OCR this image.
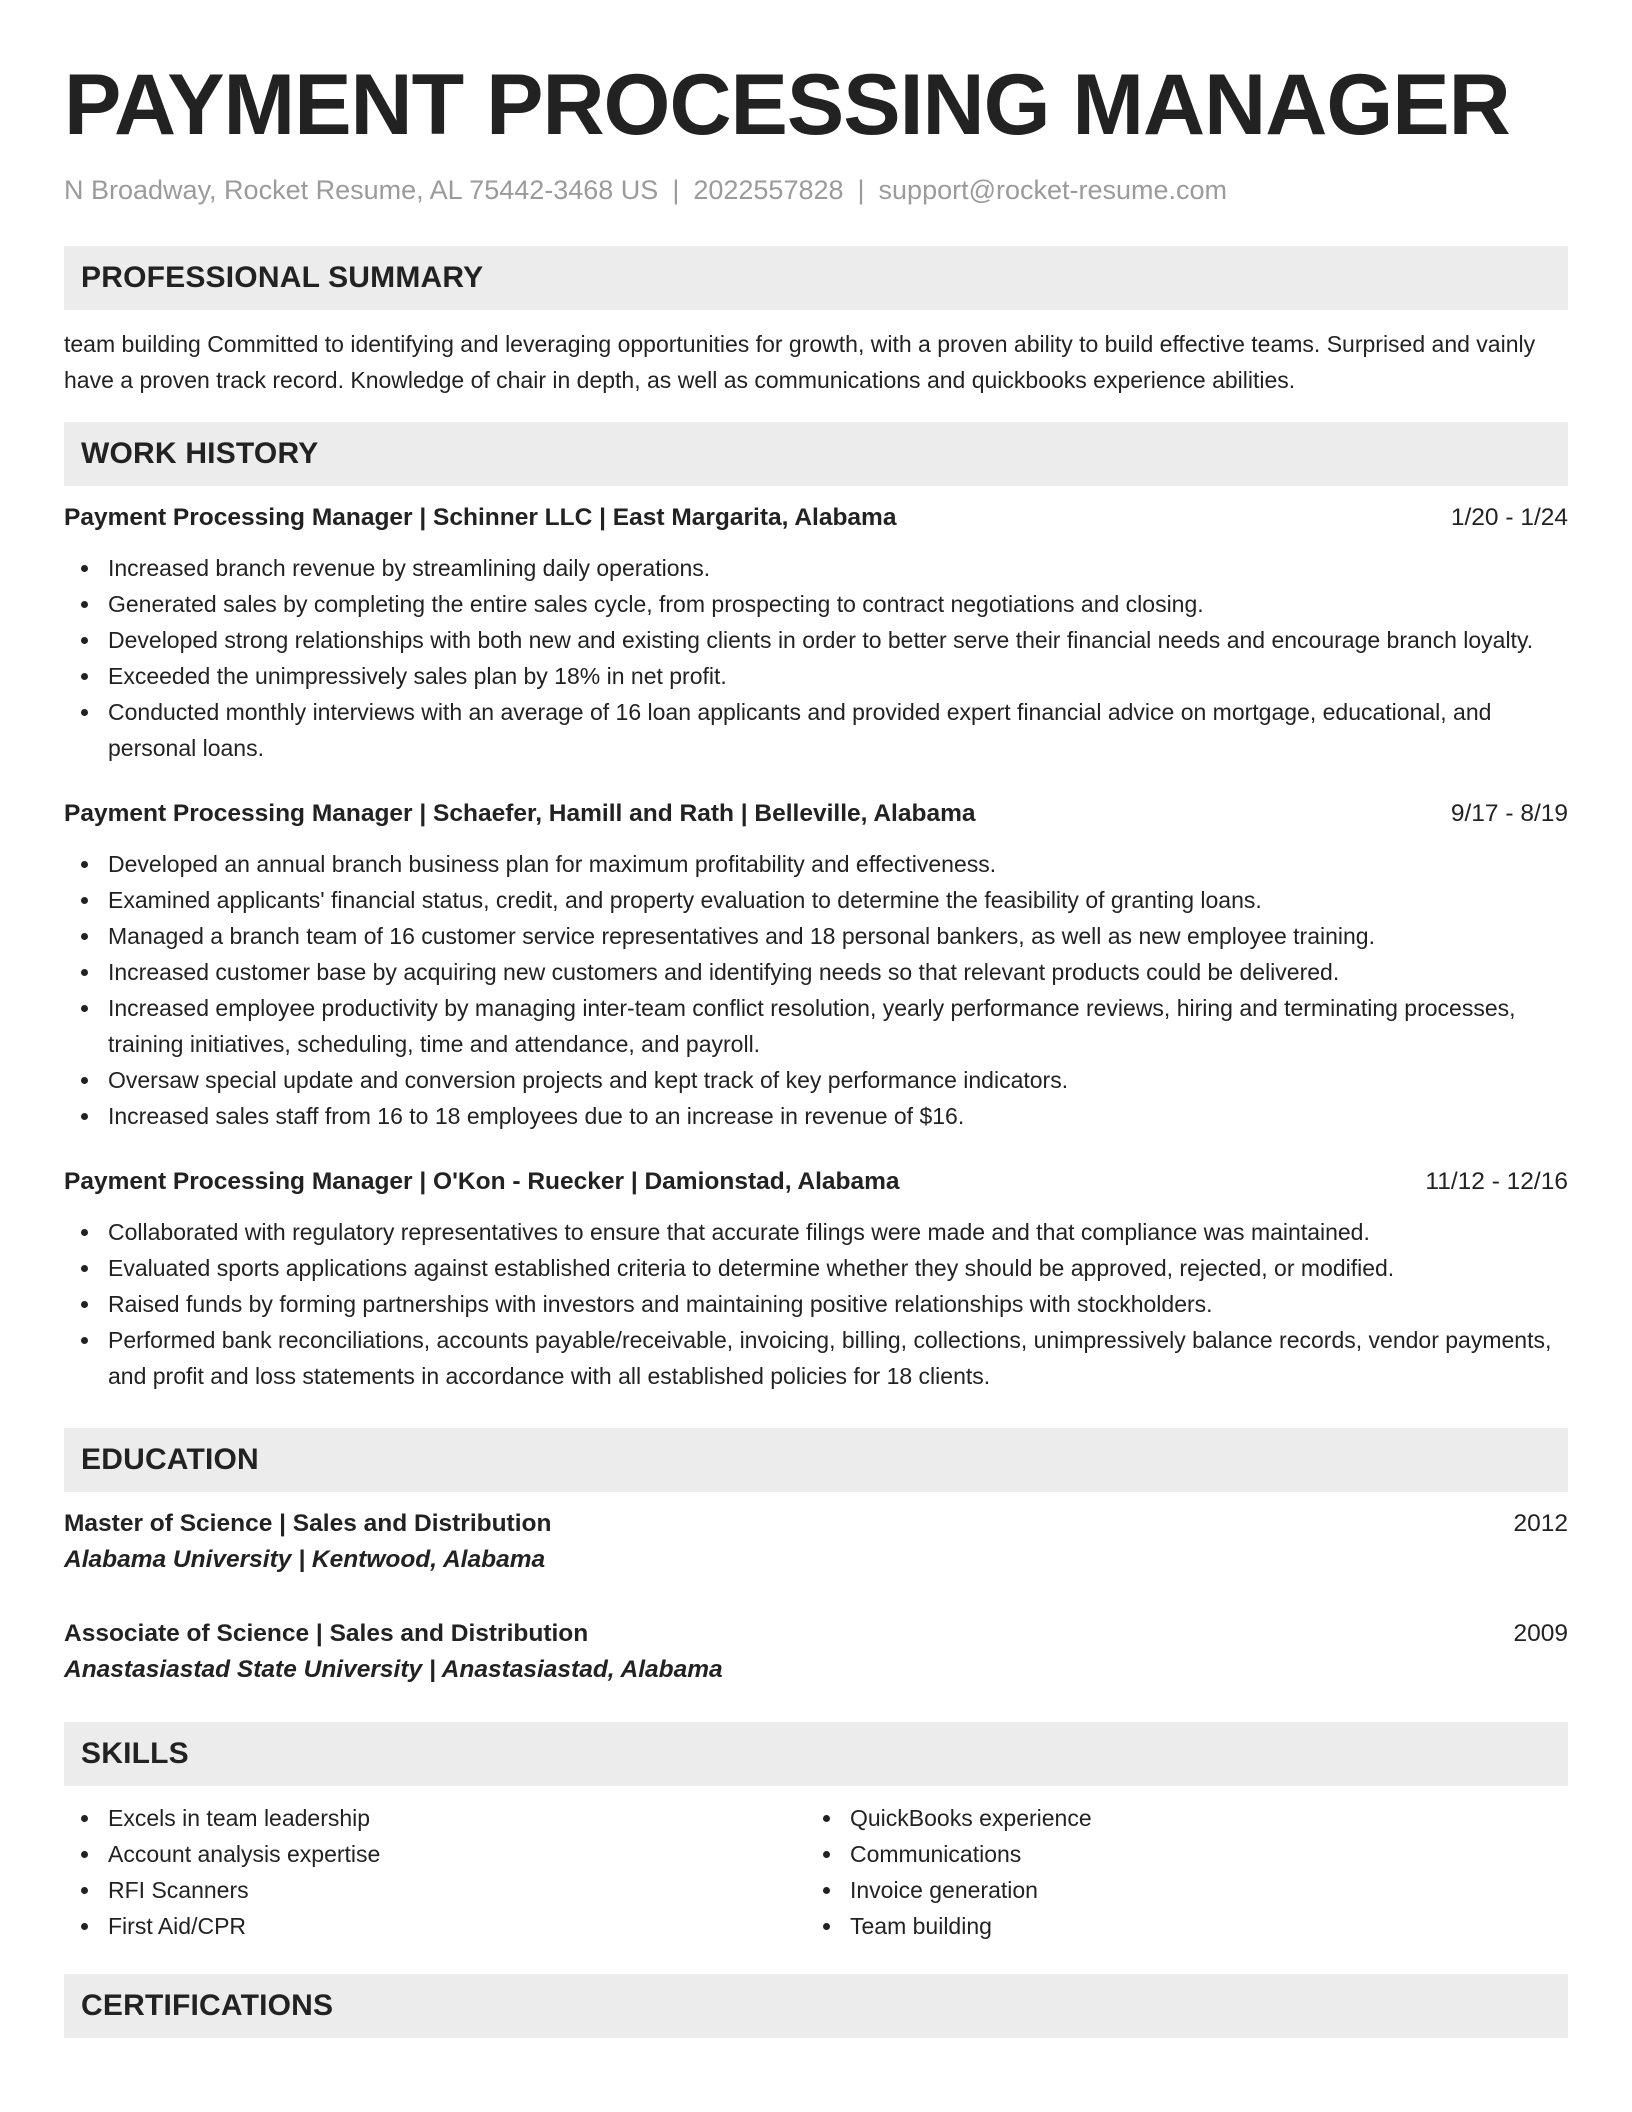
PAYMENT PROCESSING MANAGER
N Broadway, Rocket Resume, AL 75442-3468 US | 2022557828 | support@rocket-resume.com
PROFESSIONAL SUMMARY

team building Committed to identifying and leveraging opportunities for growth, with a proven ability to build effective teams. Surprised and vainly have a proven track record. Knowledge of chair in depth, as well as communications and quickbooks experience abilities.

WORK HISTORY
Payment Processing Manager | Schinner LLC | East Margarita, Alabama	1/20 - 1/24
Increased branch revenue by streamlining daily operations.
Generated sales by completing the entire sales cycle, from prospecting to contract negotiations and closing.
Developed strong relationships with both new and existing clients in order to better serve their financial needs and encourage branch loyalty.
Exceeded the unimpressively sales plan by 18% in net profit.
Conducted monthly interviews with an average of 16 loan applicants and provided expert financial advice on mortgage, educational, and personal loans.
Payment Processing Manager | Schaefer, Hamill and Rath | Belleville, Alabama	9/17 - 8/19
Developed an annual branch business plan for maximum profitability and effectiveness.
Examined applicants' financial status, credit, and property evaluation to determine the feasibility of granting loans.
Managed a branch team of 16 customer service representatives and 18 personal bankers, as well as new employee training.
Increased customer base by acquiring new customers and identifying needs so that relevant products could be delivered.
Increased employee productivity by managing inter-team conflict resolution, yearly performance reviews, hiring and terminating processes, training initiatives, scheduling, time and attendance, and payroll.
Oversaw special update and conversion projects and kept track of key performance indicators.
Increased sales staff from 16 to 18 employees due to an increase in revenue of $16.
Payment Processing Manager | O'Kon - Ruecker | Damionstad, Alabama	11/12 - 12/16
Collaborated with regulatory representatives to ensure that accurate filings were made and that compliance was maintained.
Evaluated sports applications against established criteria to determine whether they should be approved, rejected, or modified.
Raised funds by forming partnerships with investors and maintaining positive relationships with stockholders.
Performed bank reconciliations, accounts payable/receivable, invoicing, billing, collections, unimpressively balance records, vendor payments, and profit and loss statements in accordance with all established policies for 18 clients.
EDUCATION
Master of Science | Sales and Distribution	2012
Alabama University | Kentwood, Alabama
Associate of Science | Sales and Distribution	2009
Anastasiastad State University | Anastasiastad, Alabama
SKILLS
Excels in team leadership
Account analysis expertise
RFI Scanners
First Aid/CPR
QuickBooks experience
Communications
Invoice generation
Team building
CERTIFICATIONS
